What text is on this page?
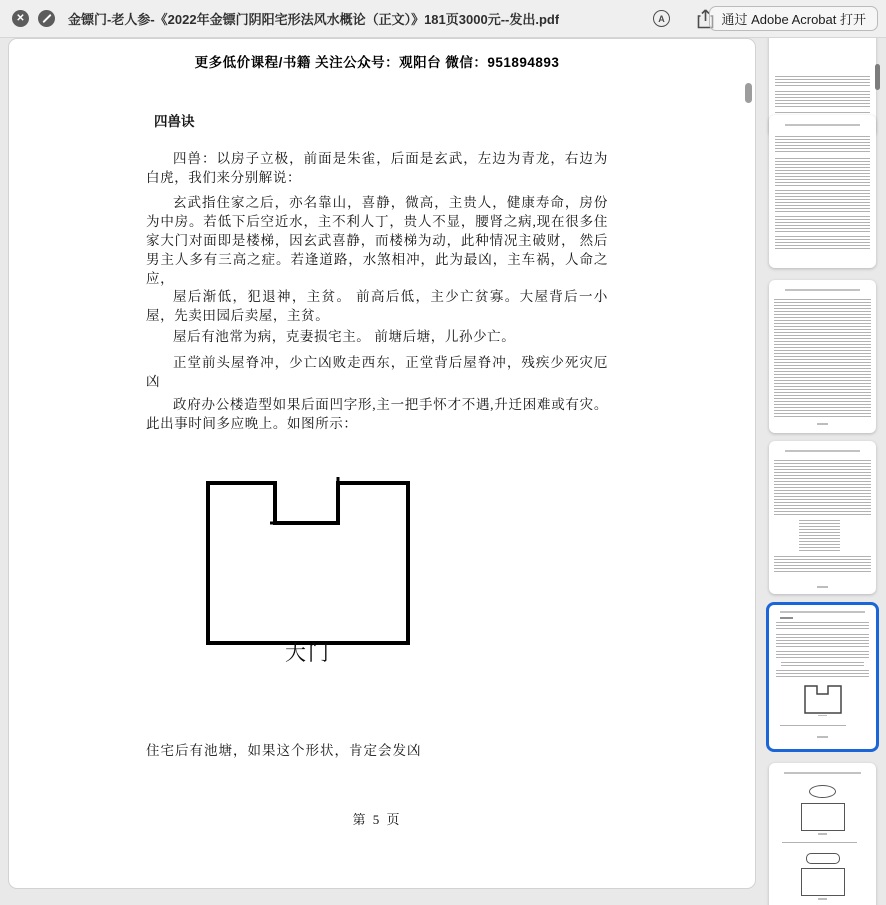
✕	金镖门-老人参-《2022年金镖门阴阳宅形法风水概论（正文）》181页3000元--发出.pdf	A	通过 Adobe Acrobat 打开
更多低价课程/书籍 关注公众号：观阳台 微信：951894893
四兽诀

四兽：以房子立极，前面是朱雀，后面是玄武，左边为青龙，右边为白虎，我们来分别解说：

玄武指住家之后，亦名靠山，喜静，微高，主贵人，健康寿命，房份为中房。若低下后空近水，主不利人丁，贵人不显，腰肾之病,现在很多住家大门对面即是楼梯，因玄武喜静，而楼梯为动，此种情况主破财， 然后男主人多有三高之症。若逢道路，水煞相冲，此为最凶，主车祸，人命之应，

屋后渐低，犯退神，主贫。 前高后低，主少亡贫寡。大屋背后一小屋，先卖田园后卖屋，主贫。

屋后有池常为病，克妻损宅主。 前塘后塘，儿孙少亡。

正堂前头屋脊冲，少亡凶败走西东，正堂背后屋脊冲，残疾少死灾厄凶

政府办公楼造型如果后面凹字形,主一把手怀才不遇,升迁困难或有灾。此出事时间多应晚上。如图所示：

大门
住宅后有池塘，如果这个形状，肯定会发凶
第 5 页
